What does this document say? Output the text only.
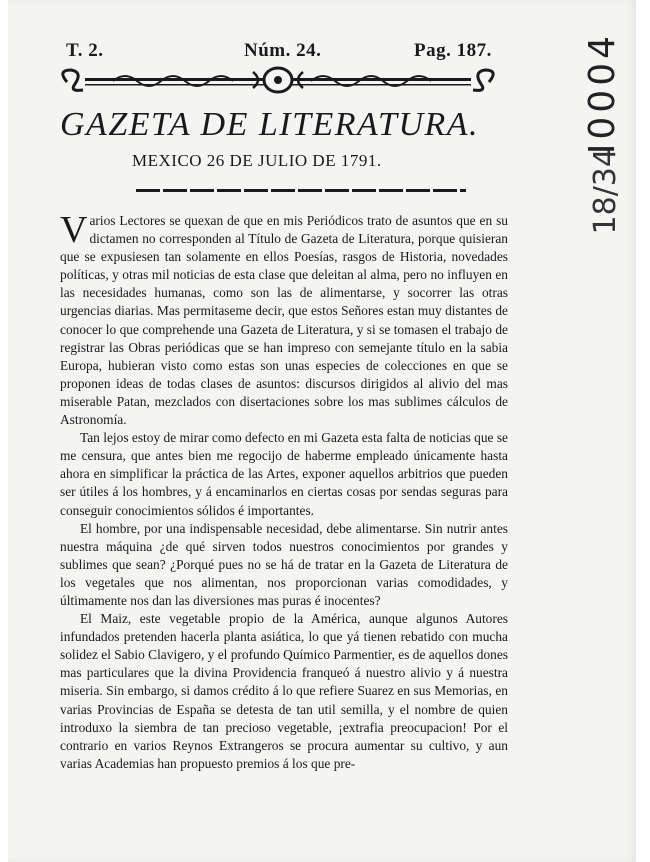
T. 2.	Núm. 24.	Pag. 187.
GAZETA DE LITERATURA.
MEXICO 26 DE JULIO DE 1791.

Varios Lectores se quexan de que en mis Periódicos trato de asuntos que en su dictamen no corresponden al Título de Gazeta de Literatura, porque quisieran que se expusiesen tan solamente en ellos Poesías, rasgos de Historia, novedades políticas, y otras mil noticias de esta clase que deleitan al alma, pero no influyen en las necesidades humanas, como son las de alimentarse, y socorrer las otras urgencias diarias. Mas permitaseme decir, que estos Señores estan muy distantes de conocer lo que comprehende una Gazeta de Literatura, y si se tomasen el trabajo de registrar las Obras periódicas que se han impreso con semejante título en la sabia Europa, hubieran visto como estas son unas especies de colecciones en que se proponen ideas de todas clases de asuntos: discursos dirigidos al alivio del mas miserable Patan, mezclados con disertaciones sobre los mas sublimes cálculos de Astronomía.

Tan lejos estoy de mirar como defecto en mi Gazeta esta falta de noticias que se me censura, que antes bien me regocijo de haberme empleado únicamente hasta ahora en simplificar la práctica de las Artes, exponer aquellos arbitrios que pueden ser útiles á los hombres, y á encaminarlos en ciertas cosas por sendas seguras para conseguir conocimientos sólidos é importantes.

El hombre, por una indispensable necesidad, debe alimentarse. Sin nutrir antes nuestra máquina ¿de qué sirven todos nuestros conocimientos por grandes y sublimes que sean? ¿Porqué pues no se há de tratar en la Gazeta de Literatura de los vegetales que nos alimentan, nos proporcionan varias comodidades, y últimamente nos dan las diversiones mas puras é inocentes?

El Maiz, este vegetable propio de la América, aunque algunos Autores infundados pretenden hacerla planta asiática, lo que yá tienen rebatido con mucha solidez el Sabio Clavigero, y el profundo Químico Parmentier, es de aquellos dones mas particulares que la divina Providencia franqueó á nuestro alivio y á nuestra miseria. Sin embargo, si damos crédito á lo que refiere Suarez en sus Memorias, en varias Provincias de España se detesta de tan util semilla, y el nombre de quien introduxo la siembra de tan precioso vegetable, ¡extrafia preocupacion! Por el contrario en varios Reynos Extrangeros se procura aumentar su cultivo, y aun varias Academias han propuesto premios á los que pre-

I0004
18/34
